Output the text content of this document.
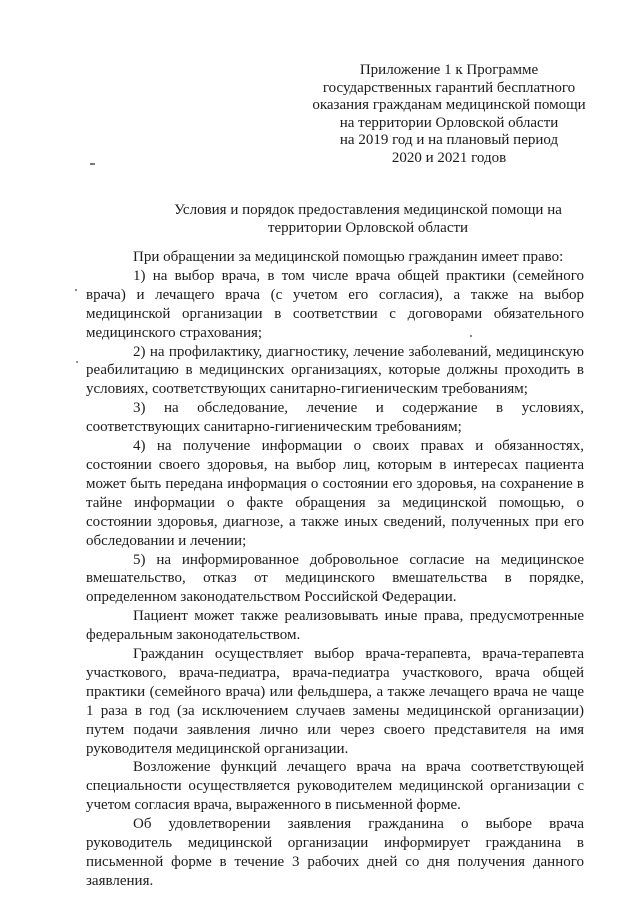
Приложение 1 к Программе
государственных гарантий бесплатного
оказания гражданам медицинской помощи
на территории Орловской области
на 2019 год и на плановый период
2020 и 2021 годов
Условия и порядок предоставления медицинской помощи на
территории Орловской области

При обращении за медицинской помощью гражданин имеет право:

1) на выбор врача, в том числе врача общей практики (семейного врача) и лечащего врача (с учетом его согласия), а также на выбор медицинской организации в соответствии с договорами обязательного медицинского страхования;

2) на профилактику, диагностику, лечение заболеваний, медицинскую реабилитацию в медицинских организациях, которые должны проходить в условиях, соответствующих санитарно-гигиеническим требованиям;

3) на обследование, лечение и содержание в условиях, соответствующих санитарно-гигиеническим требованиям;

4) на получение информации о своих правах и обязанностях, состоянии своего здоровья, на выбор лиц, которым в интересах пациента может быть передана информация о состоянии его здоровья, на сохранение в тайне информации о факте обращения за медицинской помощью, о состоянии здоровья, диагнозе, а также иных сведений, полученных при его обследовании и лечении;

5) на информированное добровольное согласие на медицинское вмешательство, отказ от медицинского вмешательства в порядке, определенном законодательством Российской Федерации.

Пациент может также реализовывать иные права, предусмотренные федеральным законодательством.

Гражданин осуществляет выбор врача-терапевта, врача-терапевта участкового, врача-педиатра, врача-педиатра участкового, врача общей практики (семейного врача) или фельдшера, а также лечащего врача не чаще 1 раза в год (за исключением случаев замены медицинской организации) путем подачи заявления лично или через своего представителя на имя руководителя медицинской организации.

Возложение функций лечащего врача на врача соответствующей специальности осуществляется руководителем медицинской организации с учетом согласия врача, выраженного в письменной форме.

Об удовлетворении заявления гражданина о выборе врача руководитель медицинской организации информирует гражданина в письменной форме в течение 3 рабочих дней со дня получения данного заявления.
